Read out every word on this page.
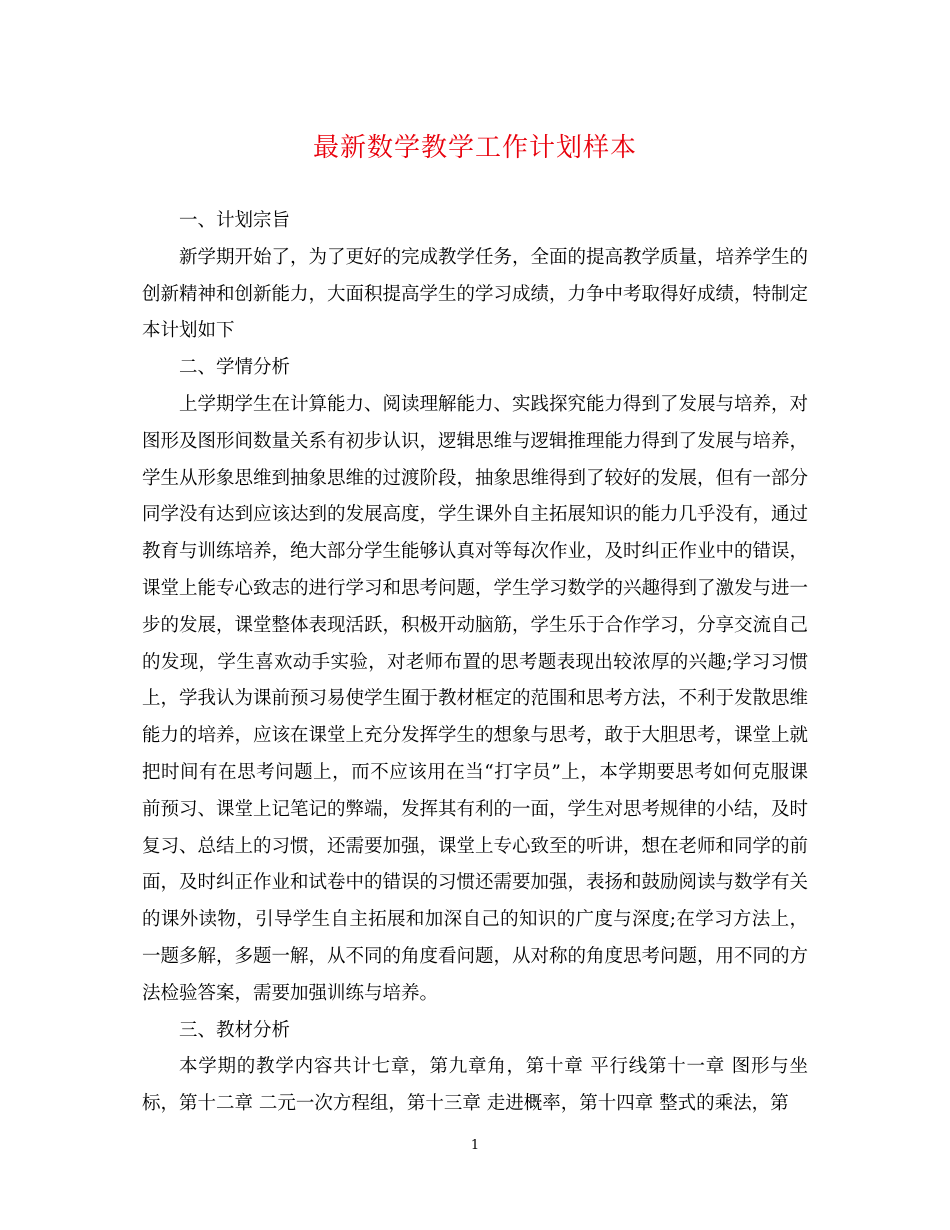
最新数学教学工作计划样本

一、计划宗旨

新学期开始了，为了更好的完成教学任务，全面的提高教学质量，培养学生的创新精神和创新能力，大面积提高学生的学习成绩，力争中考取得好成绩，特制定本计划如下

二、学情分析

上学期学生在计算能力、阅读理解能力、实践探究能力得到了发展与培养，对图形及图形间数量关系有初步认识，逻辑思维与逻辑推理能力得到了发展与培养，学生从形象思维到抽象思维的过渡阶段，抽象思维得到了较好的发展，但有一部分同学没有达到应该达到的发展高度，学生课外自主拓展知识的能力几乎没有，通过教育与训练培养，绝大部分学生能够认真对等每次作业，及时纠正作业中的错误，课堂上能专心致志的进行学习和思考问题，学生学习数学的兴趣得到了激发与进一步的发展，课堂整体表现活跃，积极开动脑筋，学生乐于合作学习，分享交流自己的发现，学生喜欢动手实验，对老师布置的思考题表现出较浓厚的兴趣;学习习惯上，学我认为课前预习易使学生囿于教材框定的范围和思考方法，不利于发散思维能力的培养，应该在课堂上充分发挥学生的想象与思考，敢于大胆思考，课堂上就把时间有在思考问题上，而不应该用在当“打字员”上，本学期要思考如何克服课前预习、课堂上记笔记的弊端，发挥其有利的一面，学生对思考规律的小结，及时复习、总结上的习惯，还需要加强，课堂上专心致至的听讲，想在老师和同学的前面，及时纠正作业和试卷中的错误的习惯还需要加强，表扬和鼓励阅读与数学有关的课外读物，引导学生自主拓展和加深自己的知识的广度与深度;在学习方法上，一题多解，多题一解，从不同的角度看问题，从对称的角度思考问题，用不同的方法检验答案，需要加强训练与培养。

三、教材分析

本学期的教学内容共计七章，第九章角，第十章 平行线第十一章 图形与坐标，第十二章 二元一次方程组，第十三章 走进概率，第十四章 整式的乘法，第

1
